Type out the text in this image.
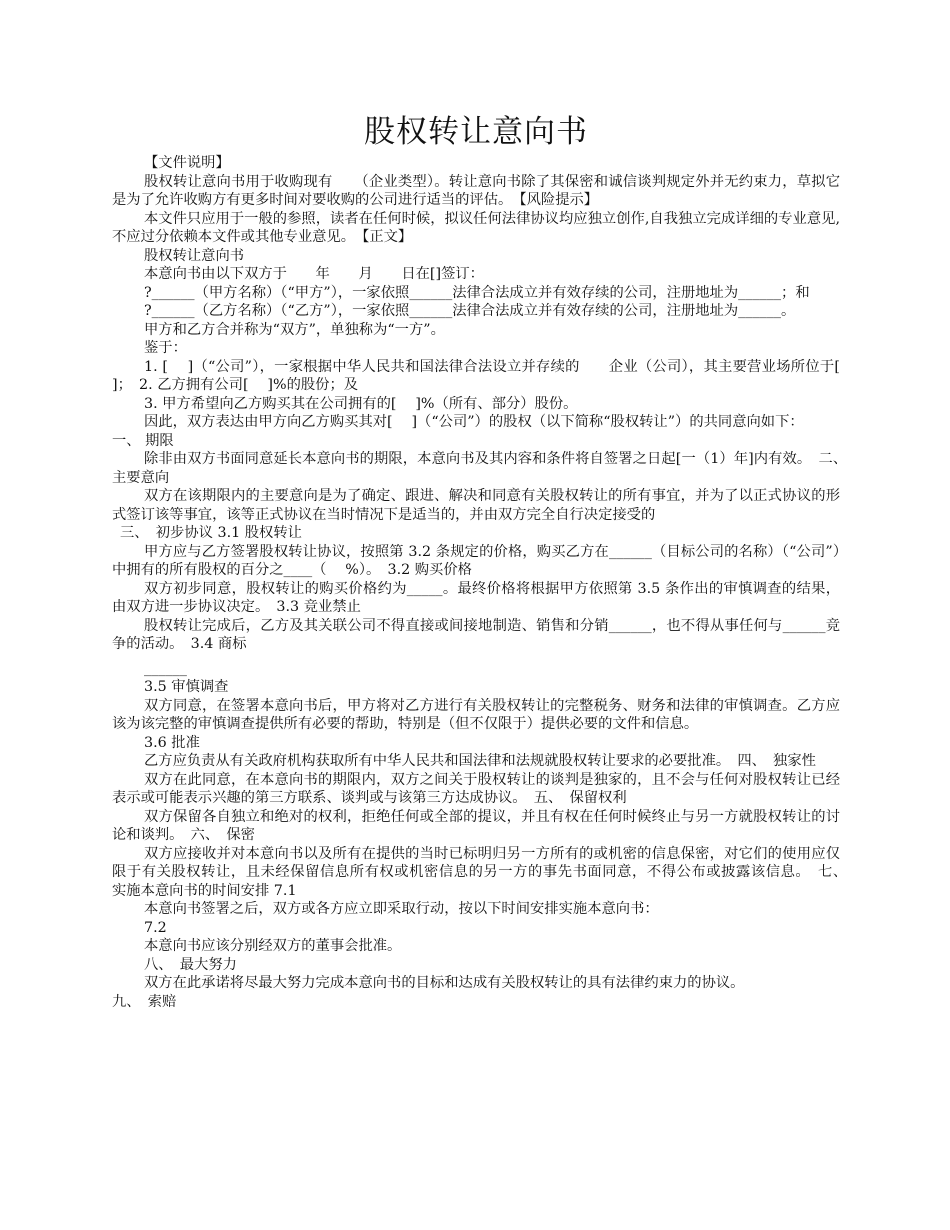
股权转让意向书

【文件说明】

股权转让意向书用于收购现有　　（企业类型）。转让意向书除了其保密和诚信谈判规定外并无约束力，草拟它是为了允许收购方有更多时间对要收购的公司进行适当的评估。　【风险提示】

本文件只应用于一般的参照，读者在任何时候，拟议任何法律协议均应独立创作,自我独立完成详细的专业意见,不应过分依赖本文件或其他专业意见。　【正文】

股权转让意向书

本意向书由以下双方于　　年　　月　　日在[]签订：

?______（甲方名称）（“甲方”），一家依照______法律合法成立并有效存续的公司，注册地址为______；和

?______（乙方名称）（“乙方”），一家依照______法律合法成立并有效存续的公司，注册地址为______。

甲方和乙方合并称为“双方”，单独称为“一方”。

鉴于：

1. [　 ]（“公司”），一家根据中华人民共和国法律合法设立并存续的　　企业（公司），其主要营业场所位于[　 ]；　2. 乙方拥有公司[　 ]%的股份；及

3. 甲方希望向乙方购买其在公司拥有的[　 ]%（所有、部分）股份。

因此，双方表达由甲方向乙方购买其对[　 ]（“公司”）的股权（以下简称“股权转让”）的共同意向如下：

一、 期限

除非由双方书面同意延长本意向书的期限，本意向书及其内容和条件将自签署之日起[一（1）年]内有效。　二、　主要意向

双方在该期限内的主要意向是为了确定、跟进、解决和同意有关股权转让的所有事宜，并为了以正式协议的形式签订该等事宜，该等正式协议在当时情况下是适当的，并由双方完全自行决定接受的

三、　初步协议 3.1 股权转让

甲方应与乙方签署股权转让协议，按照第 3.2 条规定的价格，购买乙方在______（目标公司的名称）（“公司”）中拥有的所有股权的百分之____（　 %）。　3.2 购买价格

双方初步同意，股权转让的购买价格约为_____。最终价格将根据甲方依照第 3.5 条作出的审慎调查的结果，由双方进一步协议决定。　3.3 竞业禁止

股权转让完成后，乙方及其关联公司不得直接或间接地制造、销售和分销______，也不得从事任何与______竞争的活动。　3.4 商标

______

3.5 审慎调查

双方同意，在签署本意向书后，甲方将对乙方进行有关股权转让的完整税务、财务和法律的审慎调查。乙方应该为该完整的审慎调查提供所有必要的帮助，特别是（但不仅限于）提供必要的文件和信息。

3.6 批准

乙方应负责从有关政府机构获取所有中华人民共和国法律和法规就股权转让要求的必要批准。　四、　独家性

双方在此同意，在本意向书的期限内，双方之间关于股权转让的谈判是独家的，且不会与任何对股权转让已经表示或可能表示兴趣的第三方联系、谈判或与该第三方达成协议。　五、　保留权利

双方保留各自独立和绝对的权利，拒绝任何或全部的提议，并且有权在任何时候终止与另一方就股权转让的讨论和谈判。　六、　保密

双方应接收并对本意向书以及所有在提供的当时已标明归另一方所有的或机密的信息保密，对它们的使用应仅限于有关股权转让，且未经保留信息所有权或机密信息的另一方的事先书面同意，不得公布或披露该信息。　七、　实施本意向书的时间安排 7.1

本意向书签署之后，双方或各方应立即采取行动，按以下时间安排实施本意向书：

7.2

本意向书应该分别经双方的董事会批准。

八、　最大努力

双方在此承诺将尽最大努力完成本意向书的目标和达成有关股权转让的具有法律约束力的协议。

九、　索赔
